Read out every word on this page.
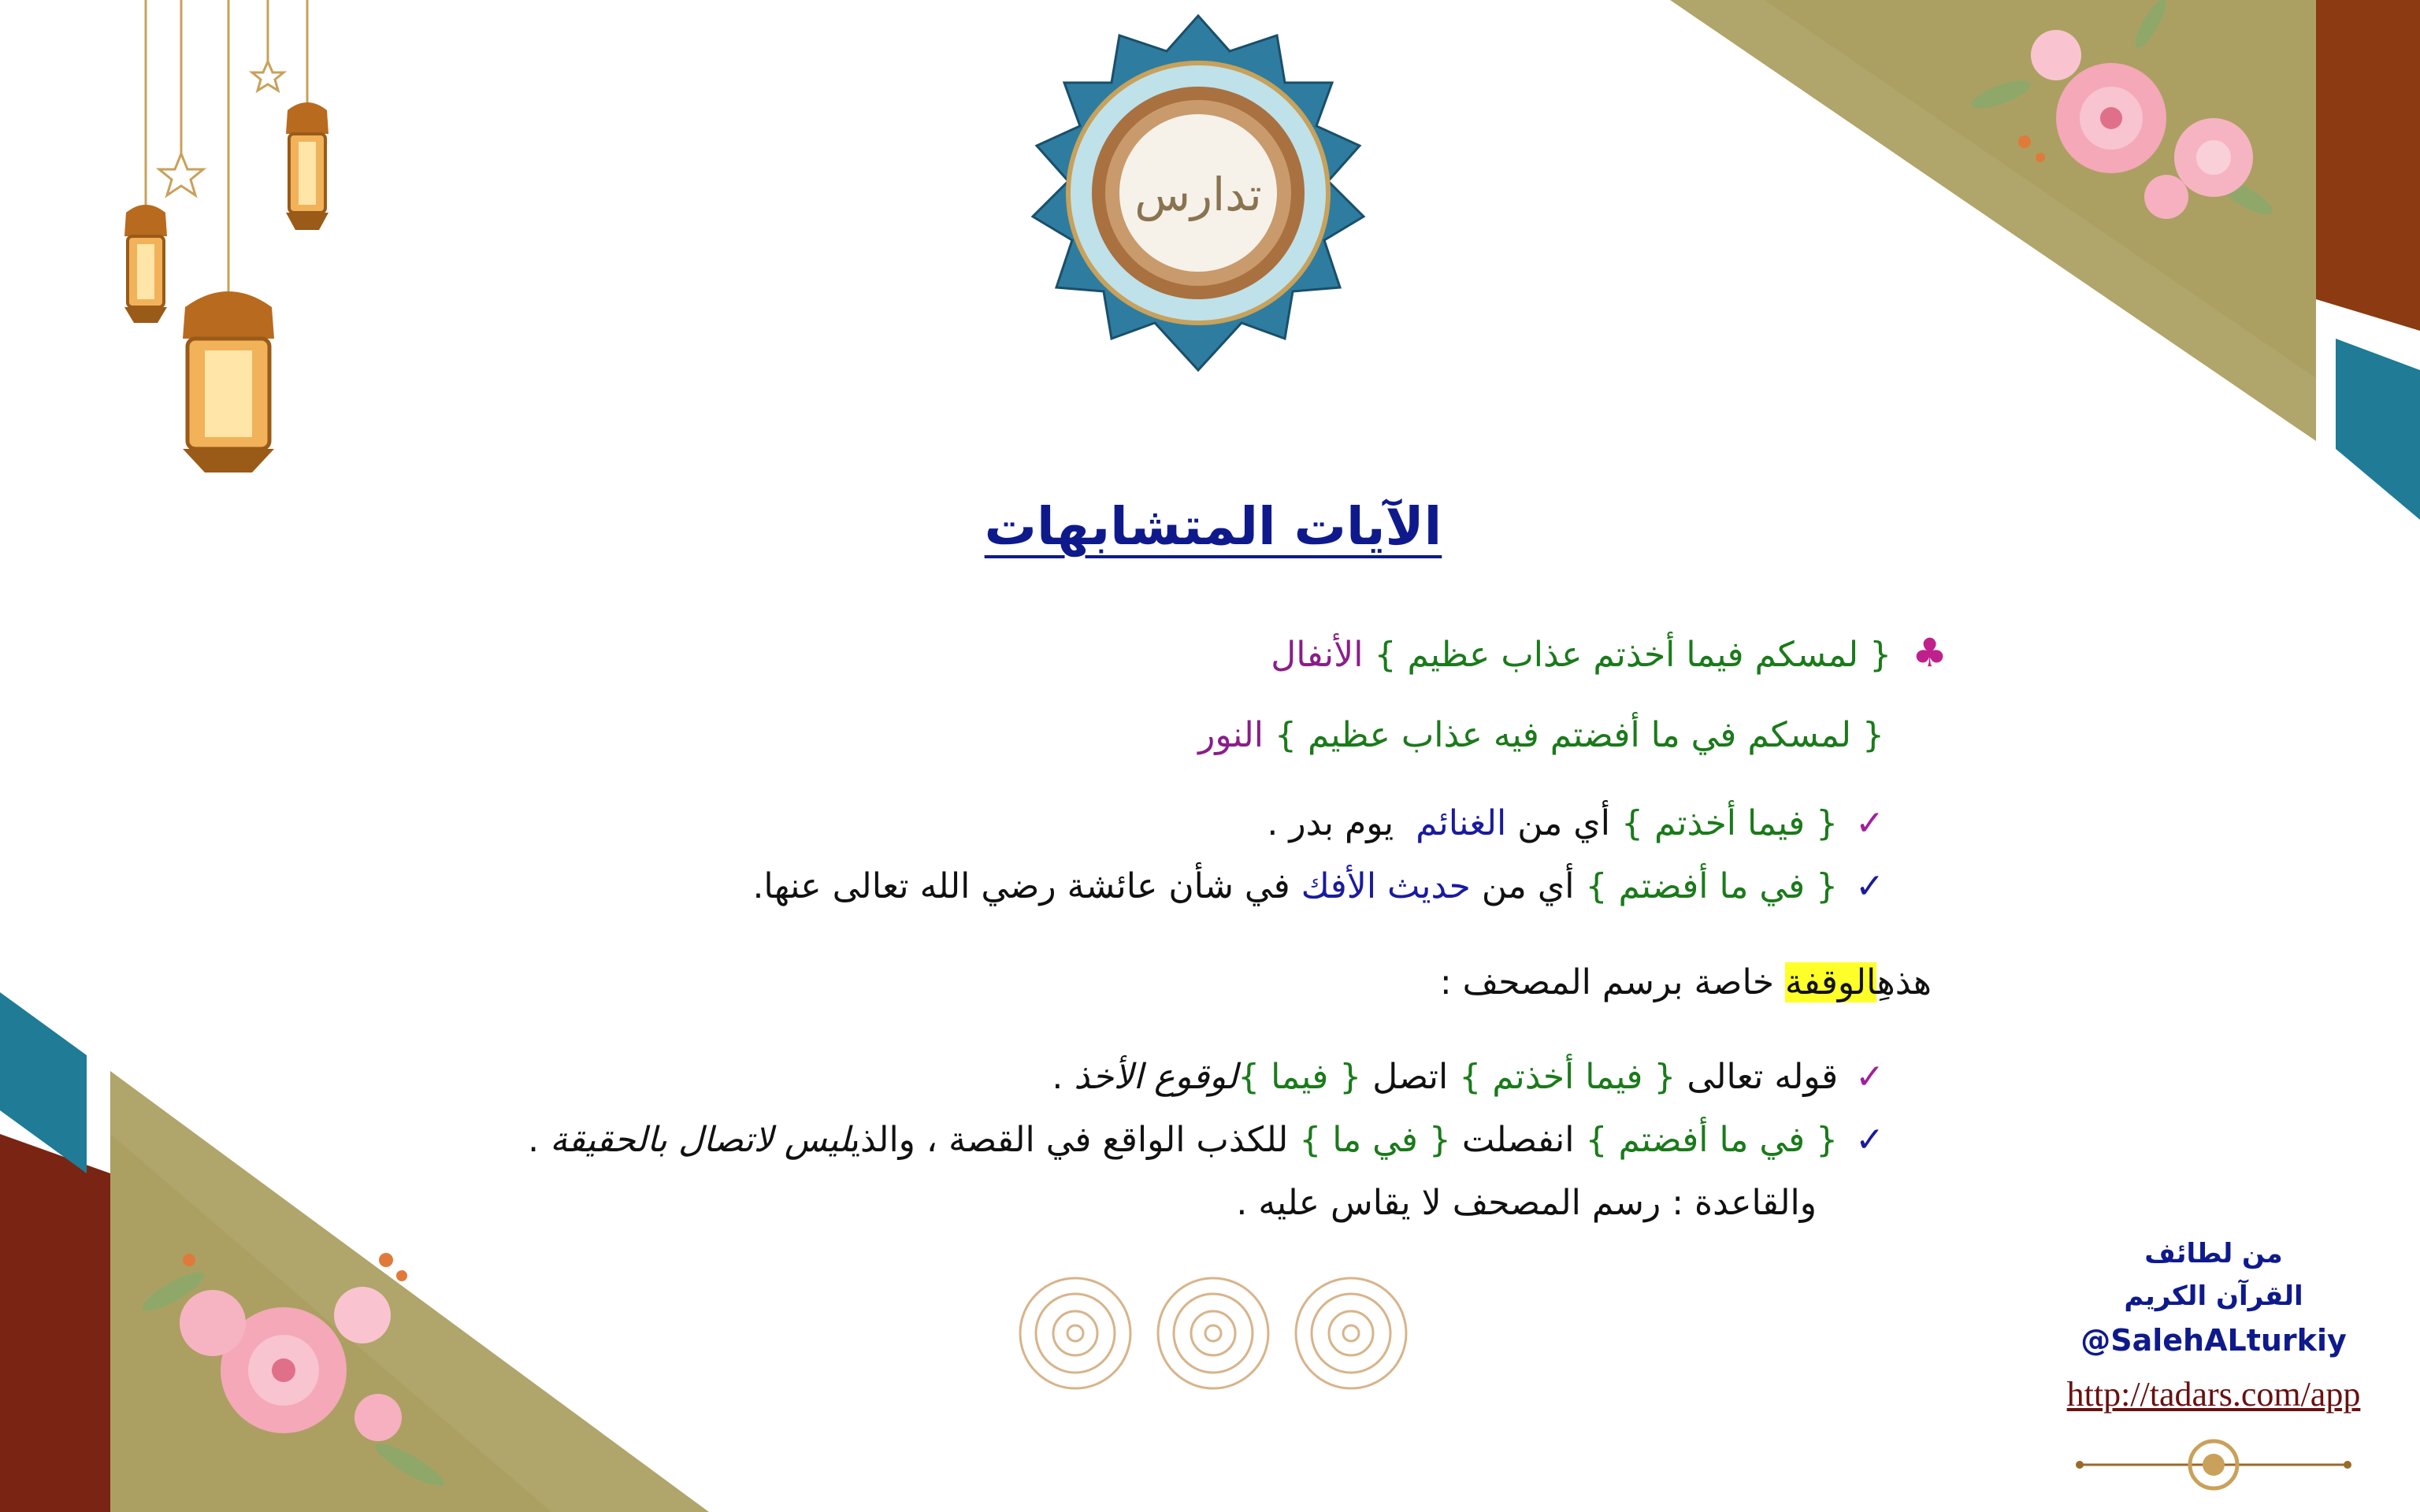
تدارس
الآيات المتشابهات
♣{ لمسكم فيما أخذتم عذاب عظيم } الأنفال
{ لمسكم في ما أفضتم فيه عذاب عظيم } النور
✓{ فيما أخذتم } أي من الغنائم  يوم بدر .
✓{ في ما أفضتم } أي من حديث الأفك في شأن عائشة رضي الله تعالى عنها.
هذهِالوقفة خاصة برسم المصحف :
✓قوله تعالى { فيما أخذتم } اتصل { فيما }لوقوع الأخذ .
✓{ في ما أفضتم } انفصلت { في ما } للكذب الواقع في القصة ، والذيليس لاتصال بالحقيقة .
والقاعدة : رسم المصحف لا يقاس عليه .
من لطائف
القرآن الكريم
@SalehALturkiy
http://tadars.com/app
